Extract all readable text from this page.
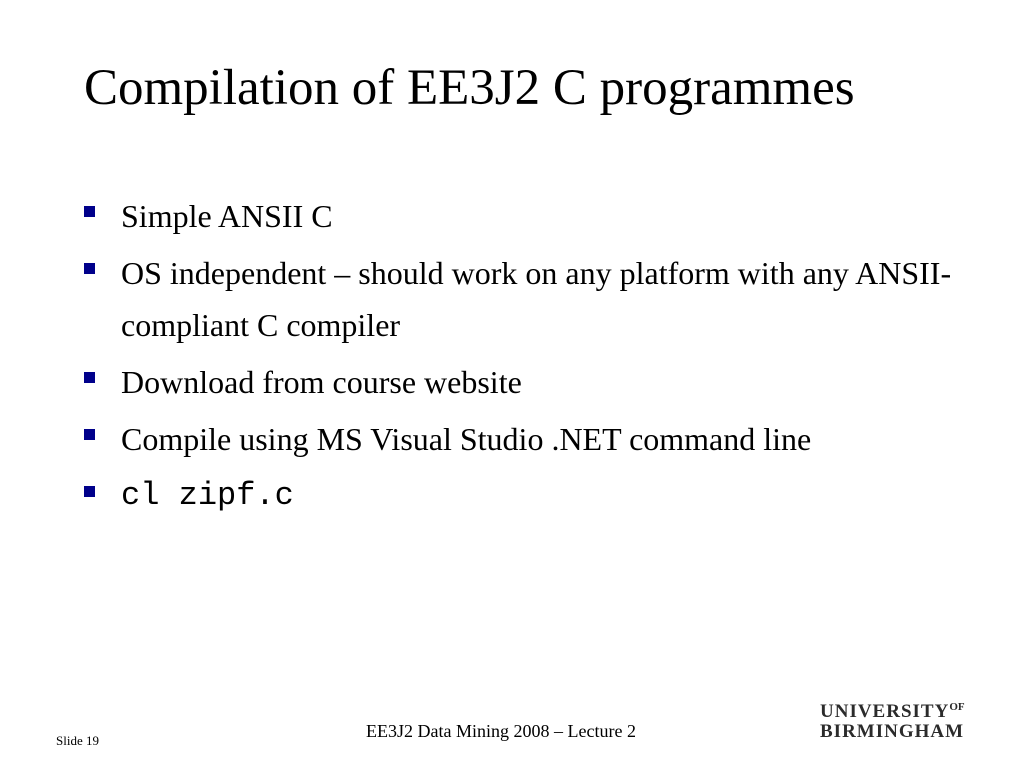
Compilation of EE3J2 C programmes
Simple ANSII C
OS independent – should work on any platform with any ANSII-compliant C compiler
Download from course website
Compile using MS Visual Studio .NET command line
cl zipf.c
Slide 19	EE3J2 Data Mining 2008 – Lecture 2
$UNIVERSITY^{OF}$
BIRMINGHAM
